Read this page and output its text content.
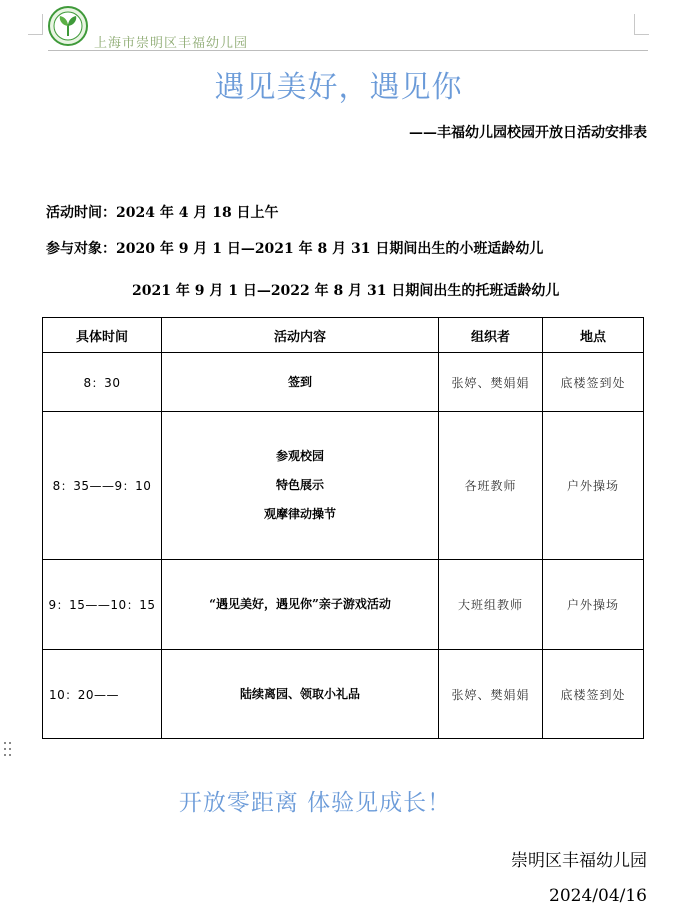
上海市崇明区丰福幼儿园
遇见美好，遇见你
——丰福幼儿园校园开放日活动安排表
活动时间：2024 年 4 月 18 日上午
参与对象：2020 年 9 月 1 日—2021 年 8 月 31 日期间出生的小班适龄幼儿
2021 年 9 月 1 日—2022 年 8 月 31 日期间出生的托班适龄幼儿
具体时间	活动内容	组织者	地点
8：30	签到	张婷、樊娟娟	底楼签到处
8：35——9：10	参观校园
特色展示
观摩律动操节	各班教师	户外操场
9：15——10：15	“遇见美好，遇见你”亲子游戏活动	大班组教师	户外操场
10：20——	陆续离园、领取小礼品	张婷、樊娟娟	底楼签到处
开放零距离 体验见成长！
崇明区丰福幼儿园
2024/04/16
